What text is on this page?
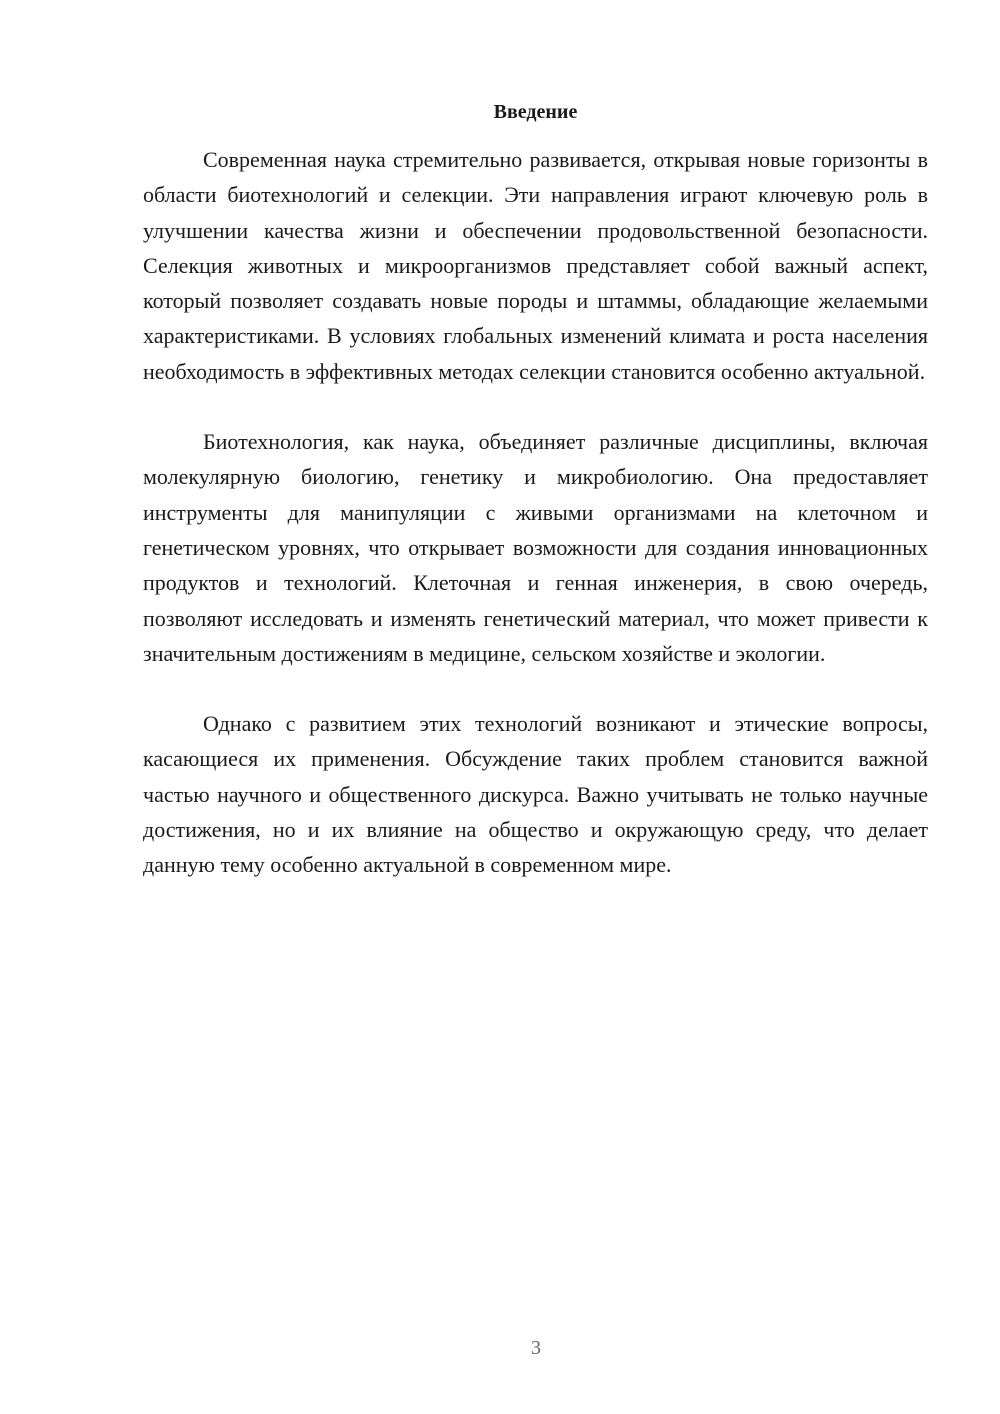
Введение

Современная наука стремительно развивается, открывая новые горизонты в области биотехнологий и селекции. Эти направления играют ключевую роль в улучшении качества жизни и обеспечении продовольственной безопасности. Селекция животных и микроорганизмов представляет собой важный аспект, который позволяет создавать новые породы и штаммы, обладающие желаемыми характеристиками. В условиях глобальных изменений климата и роста населения необходимость в эффективных методах селекции становится особенно актуальной.

Биотехнология, как наука, объединяет различные дисциплины, включая молекулярную биологию, генетику и микробиологию. Она предоставляет инструменты для манипуляции с живыми организмами на клеточном и генетическом уровнях, что открывает возможности для создания инновационных продуктов и технологий. Клеточная и генная инженерия, в свою очередь, позволяют исследовать и изменять генетический материал, что может привести к значительным достижениям в медицине, сельском хозяйстве и экологии.

Однако с развитием этих технологий возникают и этические вопросы, касающиеся их применения. Обсуждение таких проблем становится важной частью научного и общественного дискурса. Важно учитывать не только научные достижения, но и их влияние на общество и окружающую среду, что делает данную тему особенно актуальной в современном мире.

3
